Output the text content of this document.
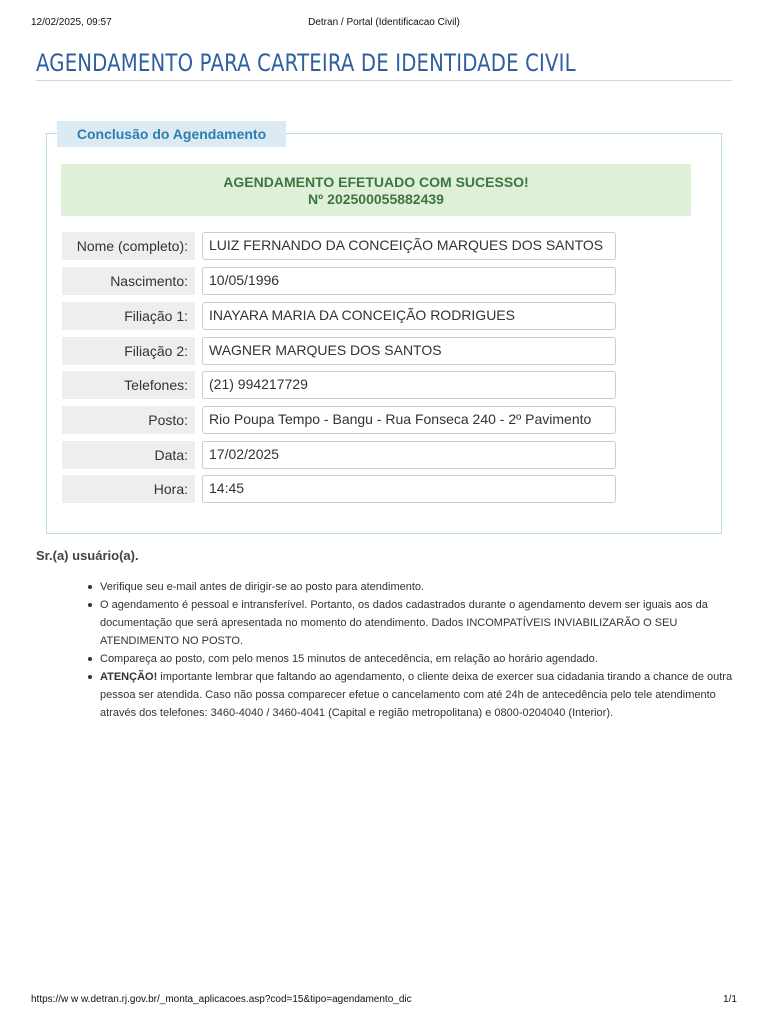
12/02/2025, 09:57	Detran / Portal (Identificacao Civil)
AGENDAMENTO PARA CARTEIRA DE IDENTIDADE CIVIL
Conclusão do Agendamento
AGENDAMENTO EFETUADO COM SUCESSO!
Nº 202500055882439
Nome (completo):	LUIZ FERNANDO DA CONCEIÇÃO MARQUES DOS SANTOS
Nascimento:	10/05/1996
Filiação 1:	INAYARA MARIA DA CONCEIÇÃO RODRIGUES
Filiação 2:	WAGNER MARQUES DOS SANTOS
Telefones:	(21) 994217729
Posto:	Rio Poupa Tempo - Bangu - Rua Fonseca 240 - 2º Pavimento
Data:	17/02/2025
Hora:	14:45
Sr.(a) usuário(a).
Verifique seu e-mail antes de dirigir-se ao posto para atendimento.
O agendamento é pessoal e intransferível. Portanto, os dados cadastrados durante o agendamento devem ser iguais aos da documentação que será apresentada no momento do atendimento. Dados INCOMPATÍVEIS INVIABILIZARÃO O SEU ATENDIMENTO NO POSTO.
Compareça ao posto, com pelo menos 15 minutos de antecedência, em relação ao horário agendado.
ATENÇÃO! importante lembrar que faltando ao agendamento, o cliente deixa de exercer sua cidadania tirando a chance de outra pessoa ser atendida. Caso não possa comparecer efetue o cancelamento com até 24h de antecedência pelo tele atendimento através dos telefones: 3460-4040 / 3460-4041 (Capital e região metropolitana) e 0800-0204040 (Interior).
https://w w w.detran.rj.gov.br/_monta_aplicacoes.asp?cod=15&tipo=agendamento_dic	1/1
